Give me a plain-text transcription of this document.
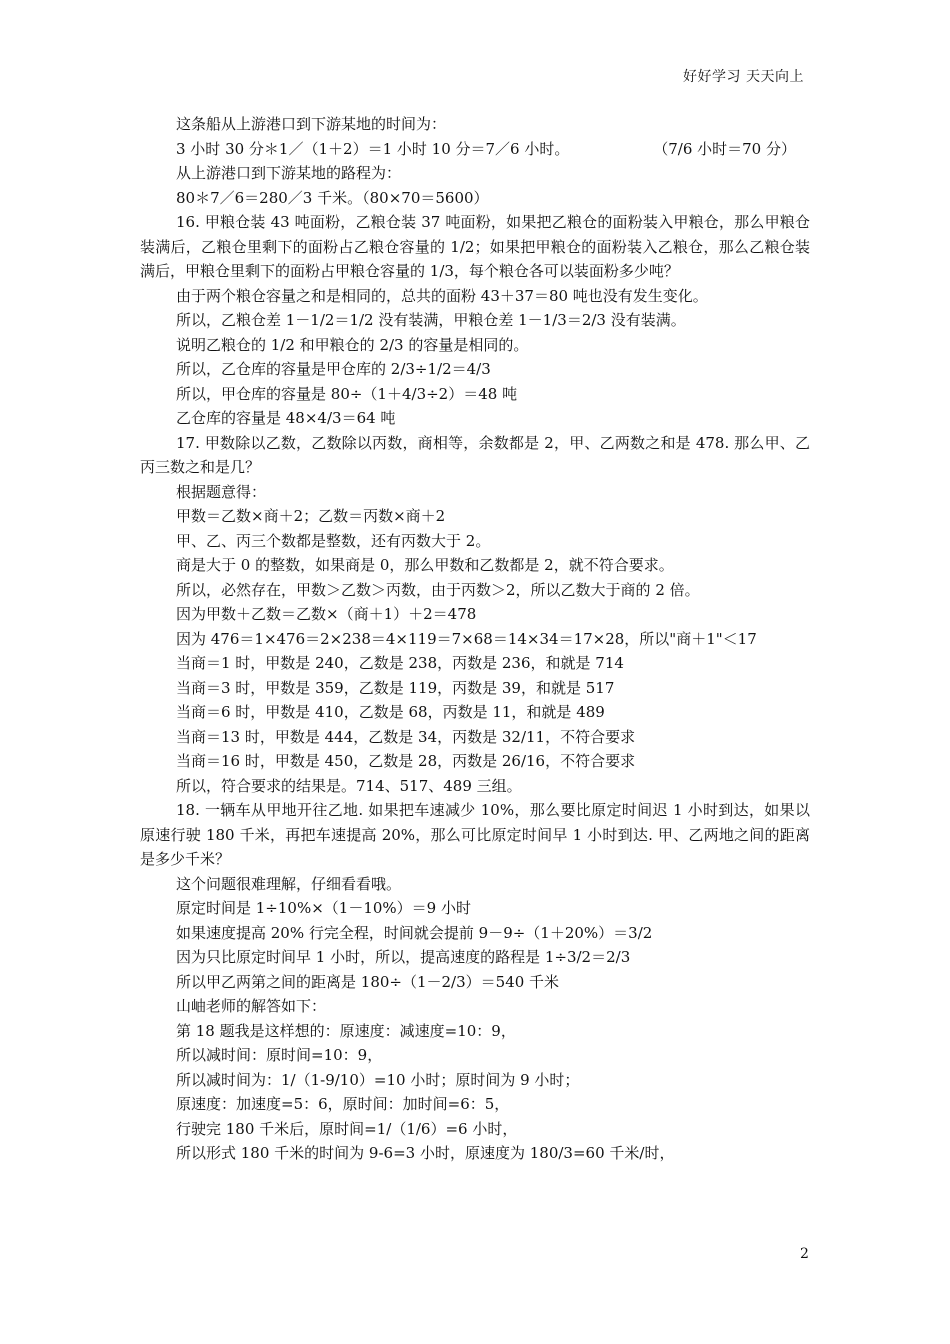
好好学习 天天向上
这条船从上游港口到下游某地的时间为：
3 小时 30 分＊1／（1＋2）＝1 小时 10 分＝7／6 小时。	（7/6 小时＝70 分）
从上游港口到下游某地的路程为：
80＊7／6＝280／3 千米。（80×70＝5600）
16. 甲粮仓装 43 吨面粉，乙粮仓装 37 吨面粉，如果把乙粮仓的面粉装入甲粮仓，那么甲粮仓装满后，乙粮仓里剩下的面粉占乙粮仓容量的 1/2；如果把甲粮仓的面粉装入乙粮仓，那么乙粮仓装满后，甲粮仓里剩下的面粉占甲粮仓容量的 1/3，每个粮仓各可以装面粉多少吨？
由于两个粮仓容量之和是相同的，总共的面粉 43＋37＝80 吨也没有发生变化。
所以，乙粮仓差 1－1/2＝1/2 没有装满，甲粮仓差 1－1/3＝2/3 没有装满。
说明乙粮仓的 1/2 和甲粮仓的 2/3 的容量是相同的。
所以，乙仓库的容量是甲仓库的 2/3÷1/2＝4/3
所以，甲仓库的容量是 80÷（1＋4/3÷2）＝48 吨
乙仓库的容量是 48×4/3＝64 吨
17. 甲数除以乙数，乙数除以丙数，商相等，余数都是 2，甲、乙两数之和是 478. 那么甲、乙丙三数之和是几？
根据题意得：
甲数＝乙数×商＋2；乙数＝丙数×商＋2
甲、乙、丙三个数都是整数，还有丙数大于 2。
商是大于 0 的整数，如果商是 0，那么甲数和乙数都是 2，就不符合要求。
所以，必然存在，甲数＞乙数＞丙数，由于丙数＞2，所以乙数大于商的 2 倍。
因为甲数＋乙数＝乙数×（商＋1）＋2＝478
因为 476＝1×476＝2×238＝4×119＝7×68＝14×34＝17×28，所以"商＋1"＜17
当商＝1 时，甲数是 240，乙数是 238，丙数是 236，和就是 714
当商＝3 时，甲数是 359，乙数是 119，丙数是 39，和就是 517
当商＝6 时，甲数是 410，乙数是 68，丙数是 11，和就是 489
当商＝13 时，甲数是 444，乙数是 34，丙数是 32/11，不符合要求
当商＝16 时，甲数是 450，乙数是 28，丙数是 26/16，不符合要求
所以，符合要求的结果是。714、517、489 三组。
18. 一辆车从甲地开往乙地. 如果把车速减少 10%，那么要比原定时间迟 1 小时到达，如果以原速行驶 180 千米，再把车速提高 20%，那么可比原定时间早 1 小时到达. 甲、乙两地之间的距离是多少千米？
这个问题很难理解，仔细看看哦。
原定时间是 1÷10%×（1－10%）＝9 小时
如果速度提高 20% 行完全程，时间就会提前 9－9÷（1＋20%）＝3/2
因为只比原定时间早 1 小时，所以，提高速度的路程是 1÷3/2＝2/3
所以甲乙两第之间的距离是 180÷（1－2/3）＝540 千米
山岫老师的解答如下：
第 18 题我是这样想的：原速度：减速度=10：9，
所以减时间：原时间=10：9，
所以减时间为：1/（1-9/10）=10 小时；原时间为 9 小时；
原速度：加速度=5：6，原时间：加时间=6：5，
行驶完 180 千米后，原时间=1/（1/6）=6 小时，
所以形式 180 千米的时间为 9-6=3 小时，原速度为 180/3=60 千米/时，
2
